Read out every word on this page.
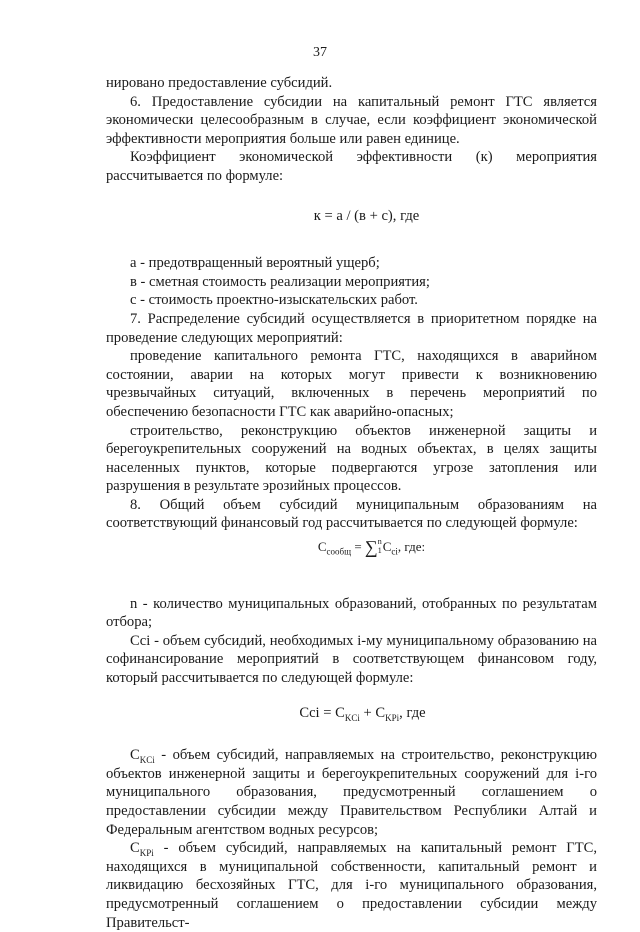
37

нировано предоставление субсидий.

6. Предоставление субсидии на капитальный ремонт ГТС является экономически целесообразным в случае, если коэффициент экономической эффективности мероприятия больше или равен единице.

Коэффициент экономической эффективности (к) мероприятия рассчитывается по формуле:

к = а / (в + с), где

а - предотвращенный вероятный ущерб;

в - сметная стоимость реализации мероприятия;

с - стоимость проектно-изыскательских работ.

7. Распределение субсидий осуществляется в приоритетном порядке на проведение следующих мероприятий:

проведение капитального ремонта ГТС, находящихся в аварийном состоянии, аварии на которых могут привести к возникновению чрезвычайных ситуаций, включенных в перечень мероприятий по обеспечению безопасности ГТС как аварийно-опасных;

строительство, реконструкцию объектов инженерной защиты и берегоукрепительных сооружений на водных объектах, в целях защиты населенных пунктов, которые подвергаются угрозе затопления или разрушения в результате эрозийных процессов.

8. Общий объем субсидий муниципальным образованиям на соответствующий финансовый год рассчитывается по следующей формуле:

$C_{сообщ}$ = ∑ n
1 $C_{ci}$, где:

n - количество муниципальных образований, отобранных по результатам отбора;

Cci - объем субсидий, необходимых i-му муниципальному образованию на софинансирование мероприятий в соответствующем финансовом году, который рассчитывается по следующей формуле:

Cci = $C_{KCi} + C_{KPi}$, где

$C_{KCi}$ - объем субсидий, направляемых на строительство, реконструкцию объектов инженерной защиты и берегоукрепительных сооружений для i-го муниципального образования, предусмотренный соглашением о предоставлении субсидии между Правительством Республики Алтай и Федеральным агентством водных ресурсов;

$C_{KPi}$ - объем субсидий, направляемых на капитальный ремонт ГТС, находящихся в муниципальной собственности, капитальный ремонт и ликвидацию бесхозяйных ГТС, для i-го муниципального образования, предусмотренный соглашением о предоставлении субсидии между Правительст-
